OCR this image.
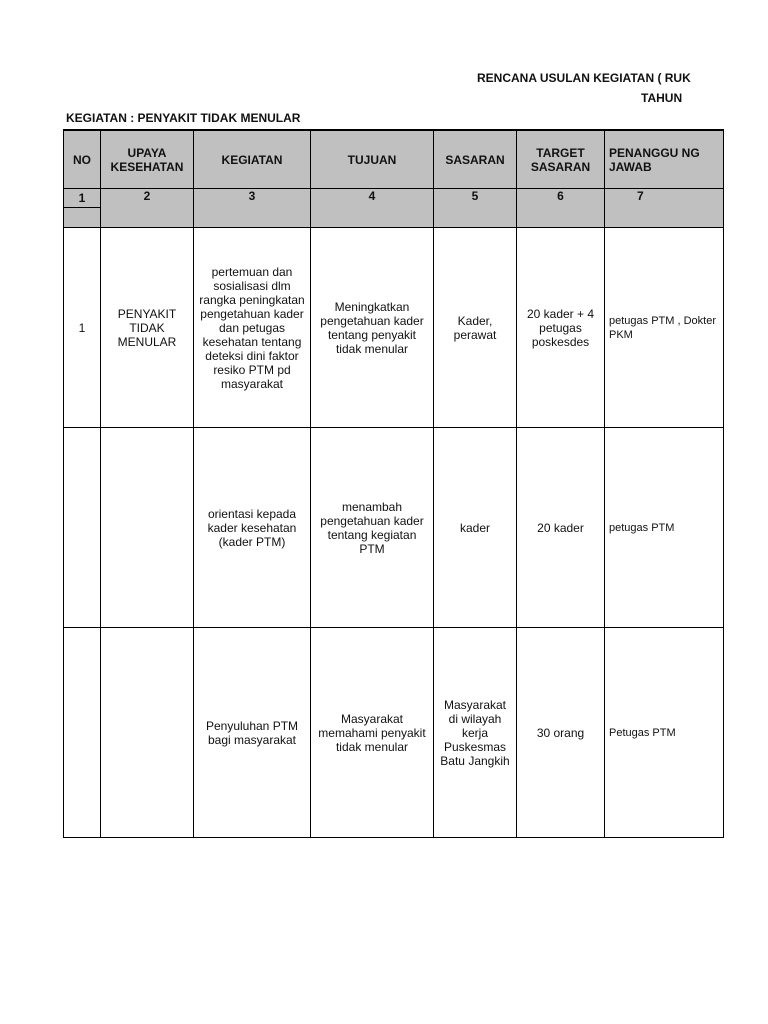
RENCANA USULAN KEGIATAN ( RUK
TAHUN
KEGIATAN : PENYAKIT TIDAK MENULAR
NO	UPAYA KESEHATAN	KEGIATAN	TUJUAN	SASARAN	TARGET SASARAN	PENANGGU NG JAWAB
1	2	3	4	5	6	7

1	PENYAKIT TIDAK MENULAR	pertemuan dan sosialisasi dlm rangka peningkatan pengetahuan kader dan petugas kesehatan tentang deteksi dini faktor resiko PTM pd masyarakat	Meningkatkan pengetahuan kader tentang penyakit tidak menular	Kader, perawat	20 kader + 4 petugas poskesdes	petugas PTM , Dokter PKM
		orientasi kepada kader kesehatan (kader PTM)	menambah pengetahuan kader tentang kegiatan PTM	kader	20 kader	petugas PTM
		Penyuluhan PTM bagi masyarakat	Masyarakat memahami penyakit tidak menular	Masyarakat di wilayah kerja Puskesmas Batu Jangkih	30 orang	Petugas PTM
